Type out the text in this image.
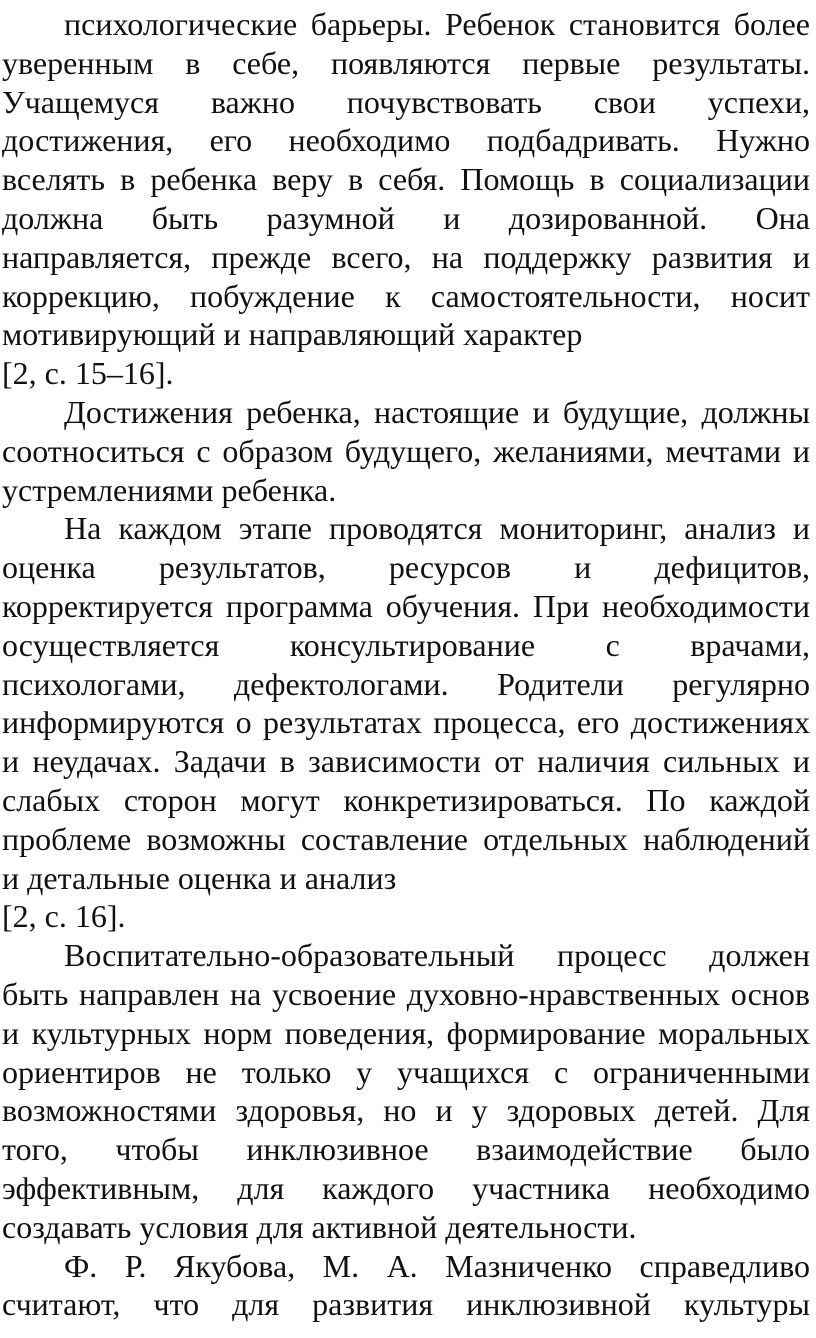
психологические барьеры. Ребенок становится более
уверенным в себе, появляются первые результаты.
Учащемуся важно почувствовать свои успехи,
достижения, его необходимо подбадривать. Нужно
вселять в ребенка веру в себя. Помощь в социализации
должна быть разумной и дозированной. Она
направляется, прежде всего, на поддержку развития и
коррекцию, побуждение к самостоятельности, носит
мотивирующий и направляющий характер
[2, с. 15–16].
Достижения ребенка, настоящие и будущие, должны
соотноситься с образом будущего, желаниями, мечтами и
устремлениями ребенка.
На каждом этапе проводятся мониторинг, анализ и
оценка результатов, ресурсов и дефицитов,
корректируется программа обучения. При необходимости
осуществляется консультирование с врачами,
психологами, дефектологами. Родители регулярно
информируются о результатах процесса, его достижениях
и неудачах. Задачи в зависимости от наличия сильных и
слабых сторон могут конкретизироваться. По каждой
проблеме возможны составление отдельных наблюдений
и детальные оценка и анализ
[2, с. 16].
Воспитательно-образовательный процесс должен
быть направлен на усвоение духовно-нравственных основ
и культурных норм поведения, формирование моральных
ориентиров не только у учащихся с ограниченными
возможностями здоровья, но и у здоровых детей. Для
того, чтобы инклюзивное взаимодействие было
эффективным, для каждого участника необходимо
создавать условия для активной деятельности.
Ф. Р. Якубова, М. А. Мазниченко справедливо
считают, что для развития инклюзивной культуры
